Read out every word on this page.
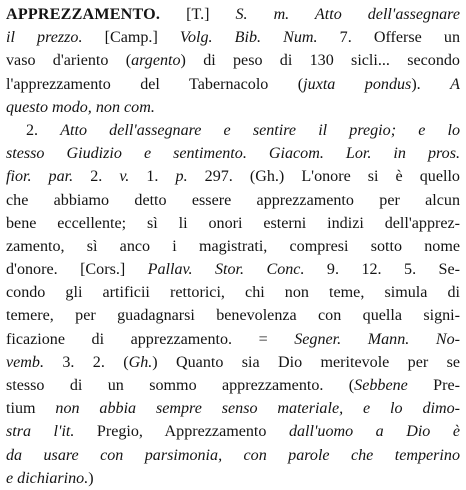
APPREZZAMENTO. [T.] S. m. Atto dell'assegnare
il prezzo. [Camp.] Volg. Bib. Num. 7. Offerse un
vaso d'ariento (argento) di peso di 130 sicli... secondo
l'apprezzamento del Tabernacolo (juxta pondus). A
questo modo, non com.
2. Atto dell'assegnare e sentire il pregio; e lo
stesso Giudizio e sentimento. Giacom. Lor. in pros.
fior. par. 2. v. 1. p. 297. (Gh.) L'onore si è quello
che abbiamo detto essere apprezzamento per alcun
bene eccellente; sì li onori esterni indizi dell'apprez-
zamento, sì anco i magistrati, compresi sotto nome
d'onore. [Cors.] Pallav. Stor. Conc. 9. 12. 5. Se-
condo gli artificii rettorici, chi non teme, simula di
temere, per guadagnarsi benevolenza con quella signi-
ficazione di apprezzamento. = Segner. Mann. No-
vemb. 3. 2. (Gh.) Quanto sia Dio meritevole per se
stesso di un sommo apprezzamento. (Sebbene Pre-
tium non abbia sempre senso materiale, e lo dimo-
stra l'it. Pregio, Apprezzamento dall'uomo a Dio è
da usare con parsimonia, con parole che temperino
e dichiarino.)
